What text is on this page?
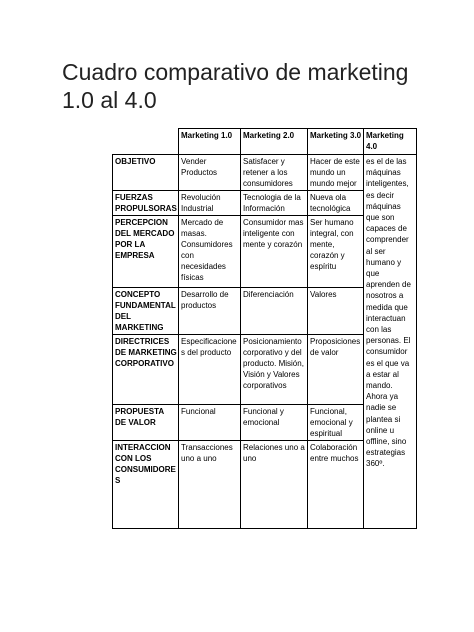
Cuadro comparativo de marketing 1.0 al 4.0
	Marketing 1.0	Marketing 2.0	Marketing 3.0	Marketing 4.0
OBJETIVO	Vender Productos	Satisfacer y retener a los consumidores	Hacer de este mundo un mundo mejor	es el de las máquinas inteligentes, es decir máquinas que son capaces de comprender al ser humano y que aprenden de nosotros a medida que interactuan con las personas. El consumidor es el que va a estar al mando. Ahora ya nadie se plantea si online u offline, sino estrategias 360º.
FUERZAS PROPULSORAS	Revolución Industrial	Tecnologia de la Información	Nueva ola tecnológica	
PERCEPCION DEL MERCADO POR LA EMPRESA	Mercado de masas. Consumidores con necesidades físicas	Consumidor mas inteligente con mente y corazón	Ser humano integral, con mente, corazón y espíritu	
CONCEPTO FUNDAMENTAL DEL MARKETING	Desarrollo de productos	Diferenciación	Valores	
DIRECTRICES DE MARKETING CORPORATIVO	Especificaciones del producto	Posicionamiento corporativo y del producto. Misión, Visión y Valores corporativos	Proposiciones de valor	
PROPUESTA DE VALOR	Funcional	Funcional y emocional	Funcional, emocional y espiritual	
INTERACCION CON LOS CONSUMIDORES	Transacciones uno a uno	Relaciones uno a uno	Colaboración entre muchos	
